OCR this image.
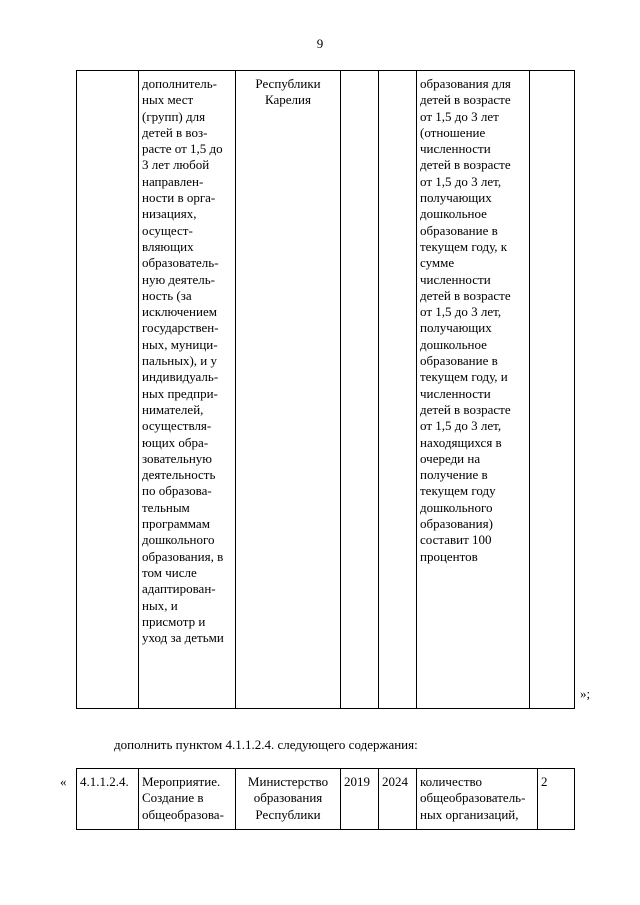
9
	дополнитель-
ных мест
(групп) для
детей в воз-
расте от 1,5 до
3 лет любой
направлен-
ности в орга-
низациях,
осущест-
вляющих
образователь-
ную деятель-
ность (за
исключением
государствен-
ных, муници-
пальных), и у
индивидуаль-
ных предпри-
нимателей,
осуществля-
ющих обра-
зовательную
деятельность
по образова-
тельным
программам
дошкольного
образования, в
том числе
адаптирован-
ных, и
присмотр и
уход за детьми	Республики
Карелия			образования для
детей в возрасте
от 1,5 до 3 лет
(отношение
численности
детей в возрасте
от 1,5 до 3 лет,
получающих
дошкольное
образование в
текущем году, к
сумме
численности
детей в возрасте
от 1,5 до 3 лет,
получающих
дошкольное
образование в
текущем году, и
численности
детей в возрасте
от 1,5 до 3 лет,
находящихся в
очереди на
получение в
текущем году
дошкольного
образования)
составит 100
процентов	
»;
дополнить пунктом 4.1.1.2.4. следующего содержания:
« 4.1.1.2.4.	Мероприятие.
Создание в
общеобразова-	Министерство
образования
Республики	2019	2024	количество
общеобразователь-
ных организаций,	2
